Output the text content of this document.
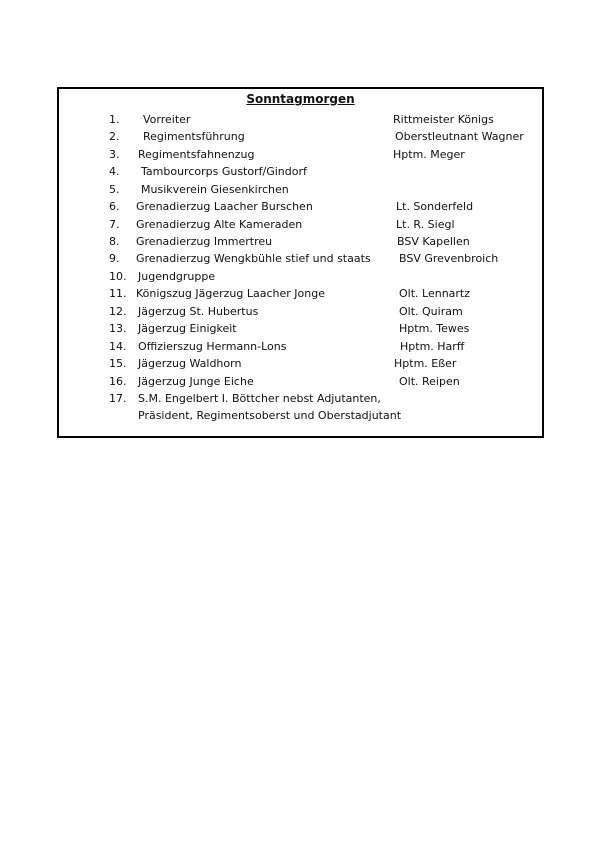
Sonntagmorgen
1.	Vorreiter	Rittmeister Königs
2.	Regimentsführung	Oberstleutnant Wagner
3.	Regimentsfahnenzug	Hptm. Meger
4.	Tambourcorps Gustorf/Gindorf
5.	Musikverein Giesenkirchen
6.	Grenadierzug Laacher Burschen	Lt. Sonderfeld
7.	Grenadierzug Alte Kameraden	Lt. R. Siegl
8.	Grenadierzug Immertreu	BSV Kapellen
9.	Grenadierzug Wengkbühle stief und staats	BSV Grevenbroich
10.	Jugendgruppe
11. Königszug Jägerzug Laacher Jonge	Olt. Lennartz
12.	Jägerzug St. Hubertus	Olt. Quiram
13.	Jägerzug Einigkeit	Hptm. Tewes
14.	Offizierszug Hermann-Lons	Hptm. Harff
15.	Jägerzug Waldhorn	Hptm. Eßer
16.	Jägerzug Junge Eiche	Olt. Reipen
17.	S.M. Engelbert I. Böttcher nebst Adjutanten,
Präsident, Regimentsoberst und Oberstadjutant
